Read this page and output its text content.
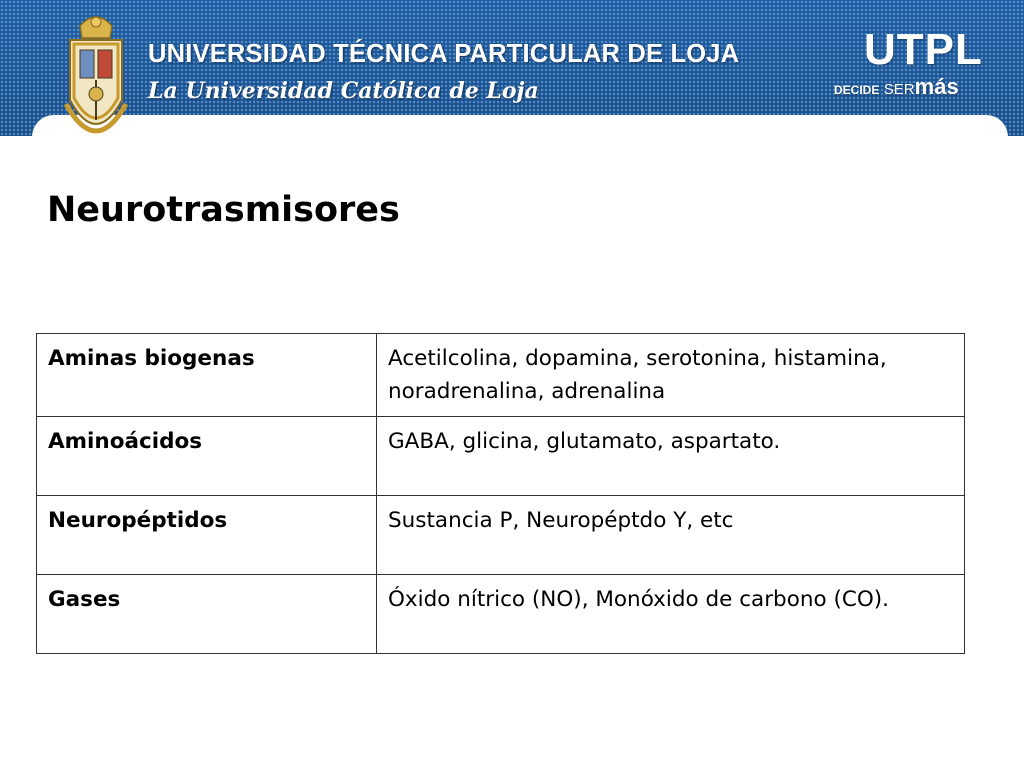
UNIVERSIDAD TÉCNICA PARTICULAR DE LOJA
La Universidad Católica de Loja
UTPL
DECIDE SERmás
Neurotrasmisores
Aminas biogenas	Acetilcolina, dopamina, serotonina, histamina, noradrenalina, adrenalina
Aminoácidos	GABA, glicina, glutamato, aspartato.
Neuropéptidos	Sustancia P, Neuropéptdo Y, etc
Gases	Óxido nítrico (NO), Monóxido de carbono (CO).
